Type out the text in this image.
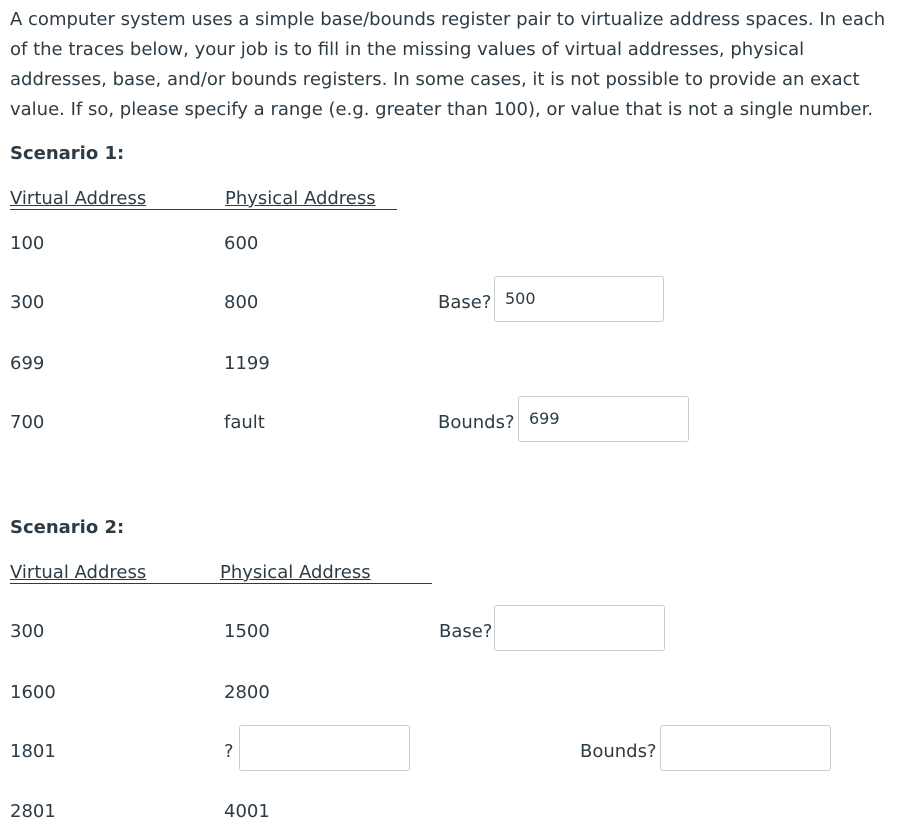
A computer system uses a simple base/bounds register pair to virtualize address spaces. In each of the traces below, your job is to fill in the missing values of virtual addresses, physical addresses, base, and/or bounds registers. In some cases, it is not possible to provide an exact value. If so, please specify a range (e.g. greater than 100), or value that is not a single number.

Scenario 1:
Virtual Address	Physical Address
100	600
300	800
699	1199
700	fault
Base? 500
Bounds? 699
Scenario 2:
Virtual Address	Physical Address
300	1500
1600	2800
1801	?
2801	4001
Base?
Bounds?
